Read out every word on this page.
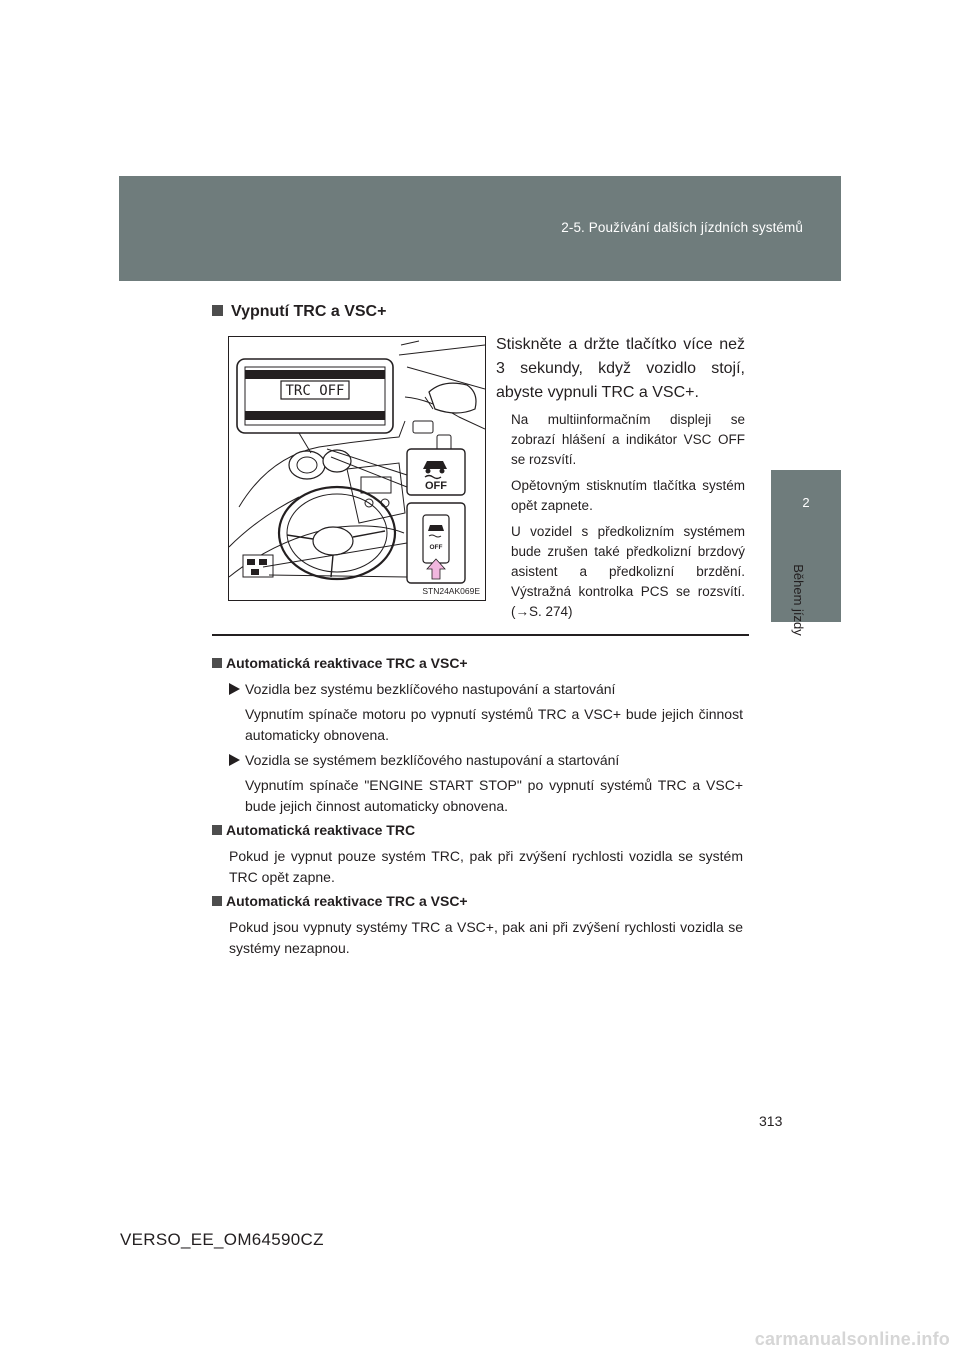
2-5. Používání dalších jízdních systémů
2
Během jízdy
Vypnutí TRC a VSC+
TRC OFF
OFF
OFF
STN24AK069E
Stiskněte a držte tlačítko více než 3 sekundy, když vozidlo stojí, abyste vypnuli TRC a VSC+.
Na multiinformačním displeji se zobrazí hlášení a indikátor VSC OFF se rozsvítí.
Opětovným stisknutím tlačítka systém opět zapnete.
U vozidel s předkolizním systémem bude zrušen také předkolizní brzdový asistent a předkolizní brzdění. Výstražná kontrolka PCS se rozsvítí. (→S. 274)
Automatická reaktivace TRC a VSC+
Vozidla bez systému bezklíčového nastupování a startování
Vypnutím spínače motoru po vypnutí systémů TRC a VSC+ bude jejich činnost automaticky obnovena.
Vozidla se systémem bezklíčového nastupování a startování
Vypnutím spínače "ENGINE START STOP" po vypnutí systémů TRC a VSC+ bude jejich činnost automaticky obnovena.
Automatická reaktivace TRC
Pokud je vypnut pouze systém TRC, pak při zvýšení rychlosti vozidla se systém TRC opět zapne.
Automatická reaktivace TRC a VSC+
Pokud jsou vypnuty systémy TRC a VSC+, pak ani při zvýšení rychlosti vozidla se systémy nezapnou.
313
VERSO_EE_OM64590CZ
carmanualsonline.info
